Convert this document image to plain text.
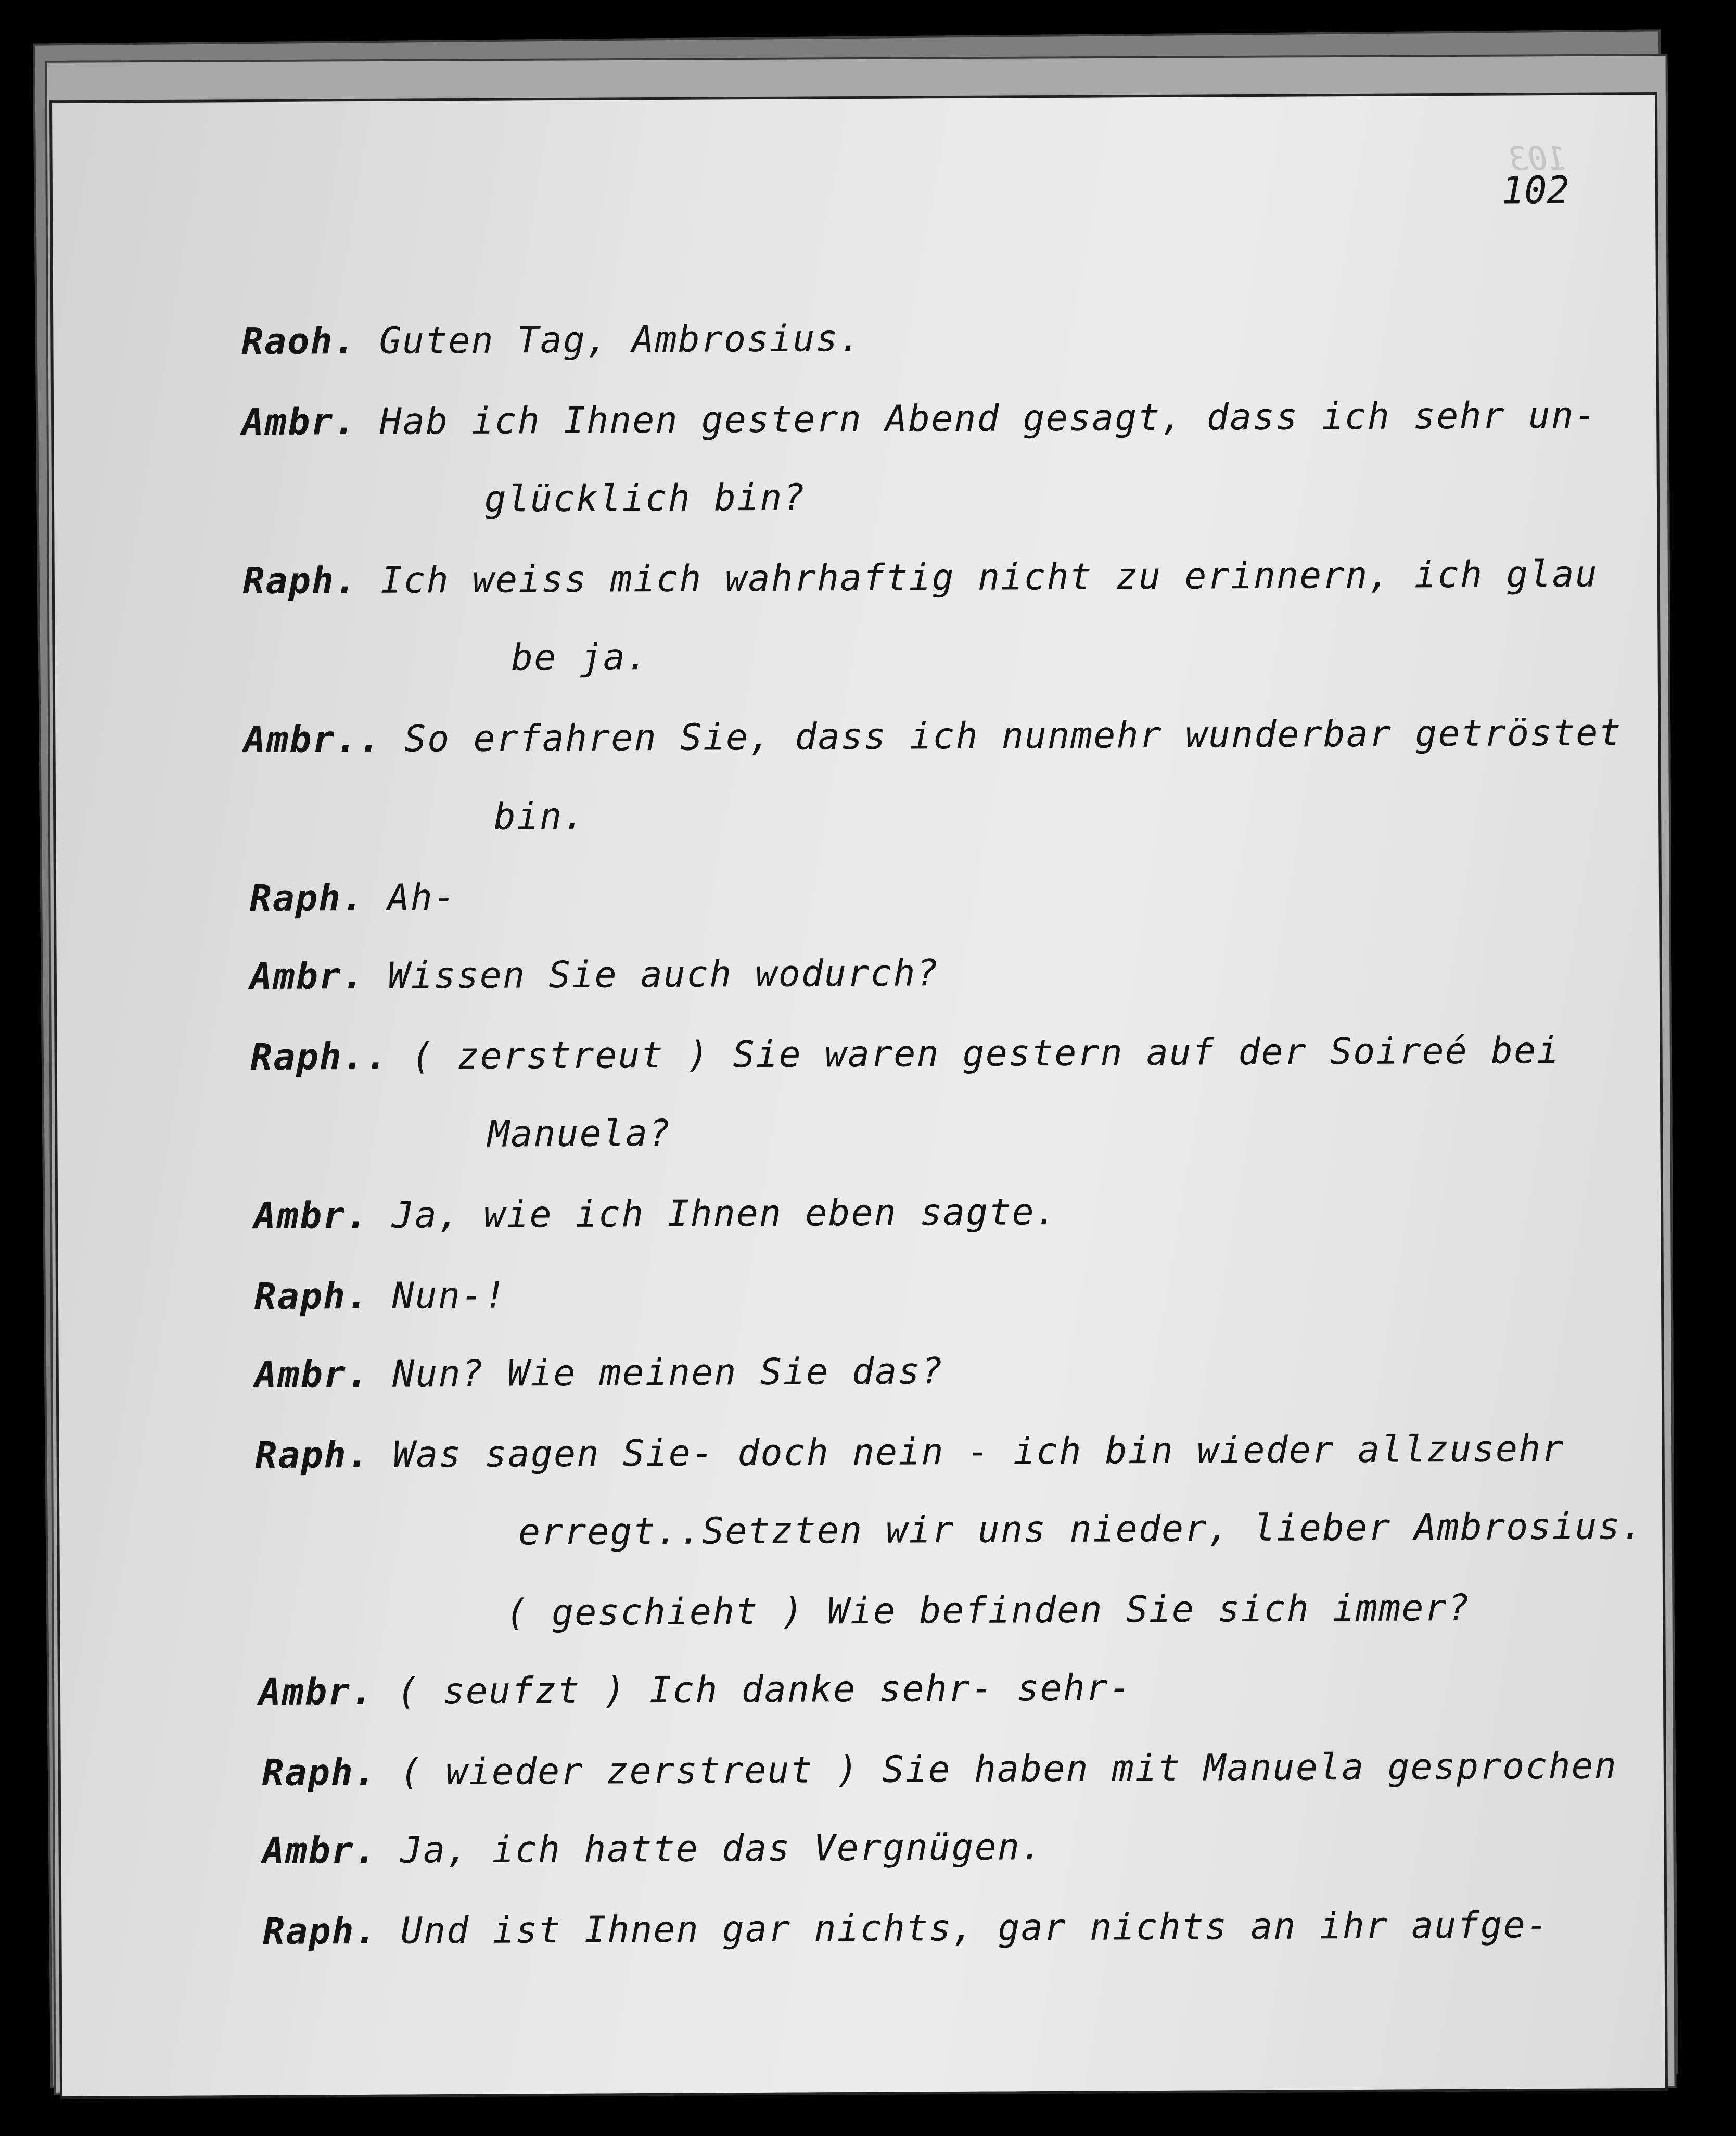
103
​
102

Raoh.  Guten Tag, Ambrosius.

Ambr.  Hab ich Ihnen gestern Abend gesagt, dass ich sehr un-

glücklich bin?

Raph.  Ich weiss mich wahrhaftig nicht zu erinnern, ich glau

be ja.

Ambr..  So erfahren Sie, dass ich nunmehr wunderbar getröstet

bin.

Raph.  Ah-

Ambr.  Wissen Sie auch wodurch?

Raph..  ( zerstreut ) Sie waren gestern auf der Soireé bei

Manuela?

Ambr.  Ja, wie ich Ihnen eben sagte.

Raph.  Nun-!

Ambr.  Nun? Wie meinen Sie das?

Raph.  Was sagen Sie- doch nein - ich bin wieder allzusehr

erregt..Setzten wir uns nieder, lieber Ambrosius.

( geschieht ) Wie befinden Sie sich immer?

Ambr.  ( seufzt ) Ich danke sehr- sehr-

Raph.  ( wieder zerstreut ) Sie haben mit Manuela gesprochen

Ambr.  Ja, ich hatte das Vergnügen.

Raph.  Und ist Ihnen gar nichts, gar nichts an ihr aufge-
